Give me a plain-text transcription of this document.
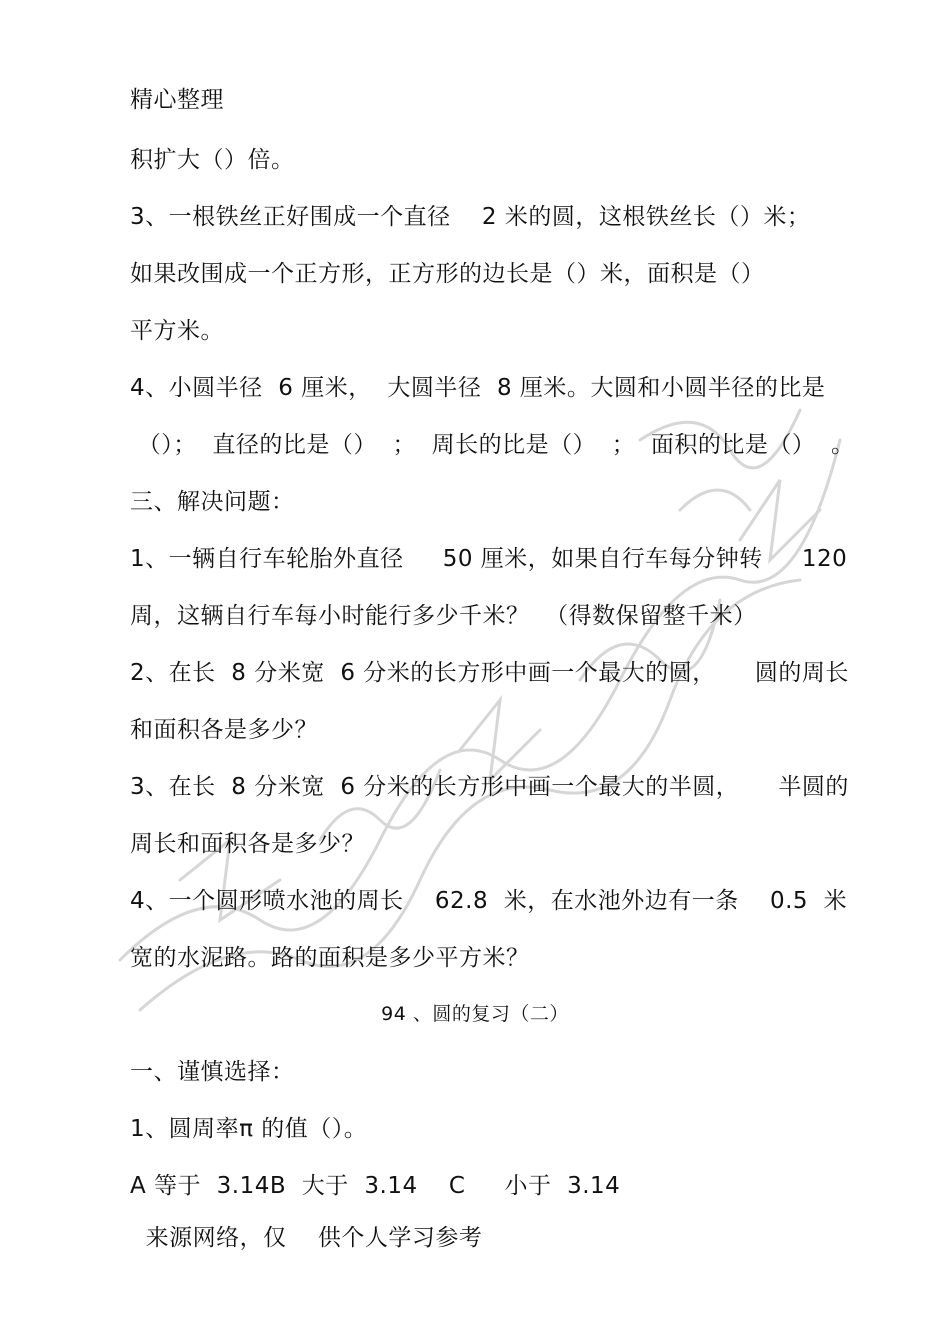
精心整理
积扩大（）倍。
3、一根铁丝正好围成一个直径    2 米的圆，这根铁丝长（）米；
如果改围成一个正方形，正方形的边长是（）米，面积是（）
平方米。
4、小圆半径  6 厘米，  大圆半径  8 厘米。大圆和小圆半径的比是
（）；  直径的比是（）  ；  周长的比是（）  ；  面积的比是（）  。
三、解决问题：
1、一辆自行车轮胎外直径     50 厘米，如果自行车每分钟转     120
周，这辆自行车每小时能行多少千米？  （得数保留整千米）
2、在长  8 分米宽  6 分米的长方形中画一个最大的圆，     圆的周长
和面积各是多少？
3、在长  8 分米宽  6 分米的长方形中画一个最大的半圆，     半圆的
周长和面积各是多少？
4、一个圆形喷水池的周长    62.8  米，在水池外边有一条    0.5  米
宽的水泥路。路的面积是多少平方米？
94 、圆的复习（二）
一、谨慎选择：
1、圆周率π 的值（）。
A 等于  3.14B  大于  3.14    C     小于  3.14
来源网络，仅    供个人学习参考
